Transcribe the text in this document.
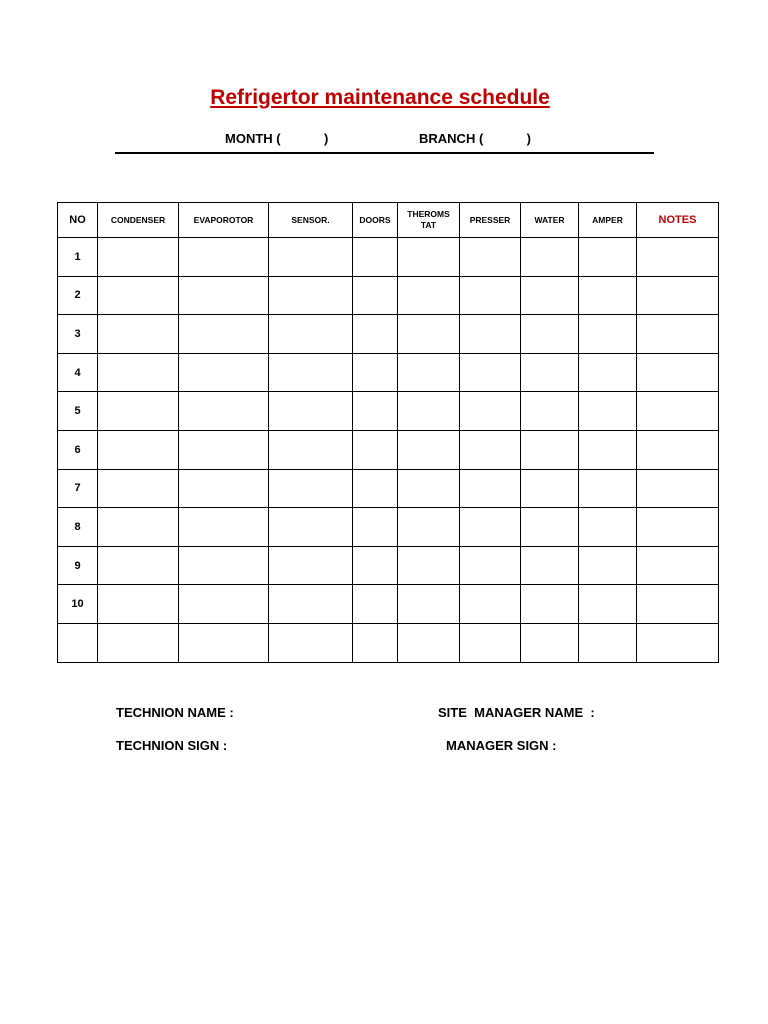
Refrigertor maintenance schedule
MONTH (            )	BRANCH (            )
NO	CONDENSER	EVAPOROTOR	SENSOR.	DOORS	THEROMS TAT	PRESSER	WATER	AMPER	NOTES
1									
2									
3									
4									
5									
6									
7									
8									
9									
10									

TECHNION NAME :
TECHNION SIGN :
SITE  MANAGER NAME  :
MANAGER SIGN :
